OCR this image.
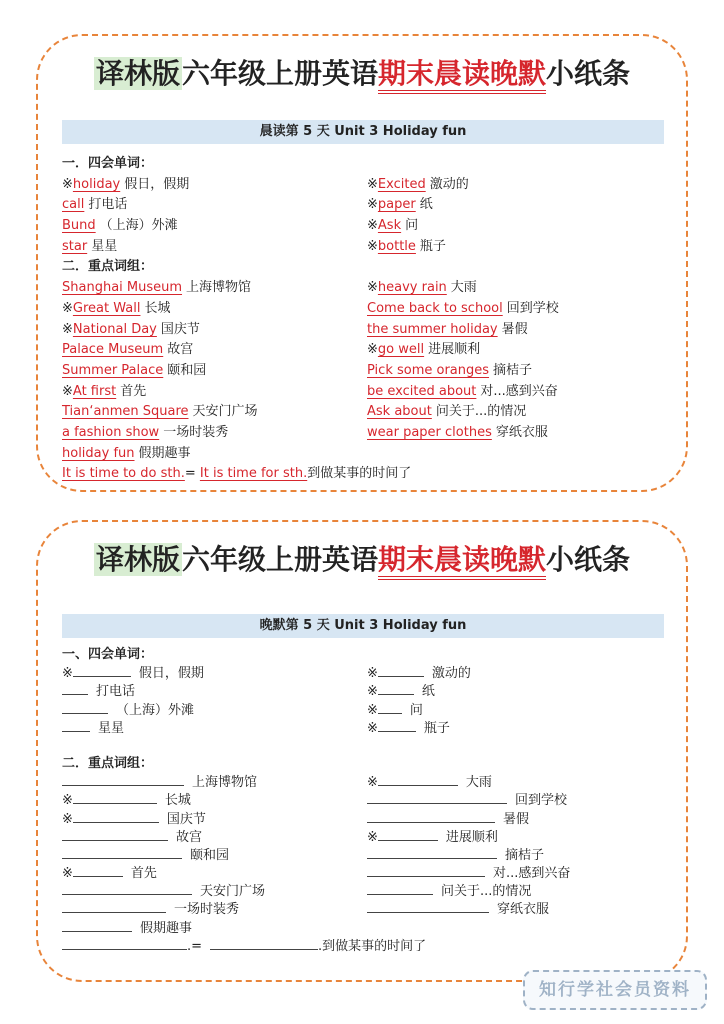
译林版六年级上册英语期末晨读晚默小纸条
晨读第 5 天 Unit 3 Holiday fun
一．四会单词：
※holiday 假日，假期
call 打电话
Bund （上海）外滩
star 星星
※Excited 激动的
※paper 纸
※Ask 问
※bottle 瓶子
二．重点词组：
Shanghai Museum 上海博物馆
※Great Wall 长城
※National Day 国庆节
Palace Museum 故宫
Summer Palace 颐和园
※At first 首先
Tian‘anmen Square 天安门广场
a fashion show 一场时装秀
holiday fun 假期趣事
※heavy rain 大雨
Come back to school 回到学校
the summer holiday 暑假
※go well 进展顺利
Pick some oranges 摘桔子
be excited about 对...感到兴奋
Ask about 问关于...的情况
wear paper clothes 穿纸衣服
It is time to do sth.= It is time for sth.到做某事的时间了
译林版六年级上册英语期末晨读晚默小纸条
晚默第 5 天 Unit 3 Holiday fun
一、四会单词：
※	假日，假期
打电话
（上海）外滩
星星
※	激动的
※	纸
※ 问
※	瓶子
二．重点词组：
上海博物馆
※	长城
※	国庆节
故宫
颐和园
※	首先
天安门广场
一场时装秀
假期趣事
※	大雨
回到学校
暑假
※	进展顺利
摘桔子
对...感到兴奋
问关于...的情况
穿纸衣服
.=	.到做某事的时间了
知行学社会员资料
